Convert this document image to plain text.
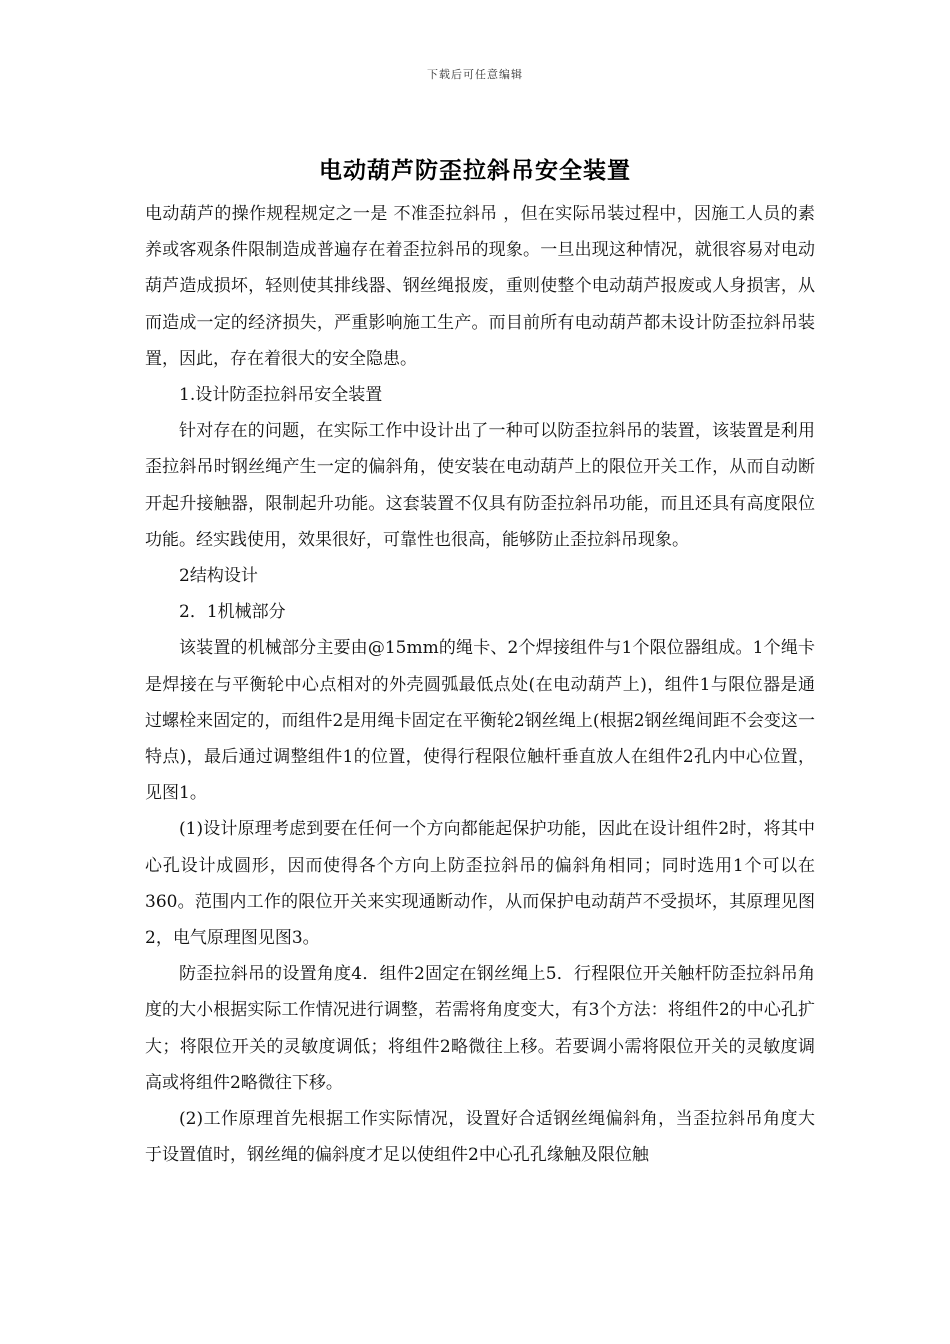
下载后可任意编辑
电动葫芦防歪拉斜吊安全装置

电动葫芦的操作规程规定之一是 不准歪拉斜吊 ，但在实际吊装过程中，因施工人员的素养或客观条件限制造成普遍存在着歪拉斜吊的现象。一旦出现这种情况，就很容易对电动葫芦造成损坏，轻则使其排线器、钢丝绳报废，重则使整个电动葫芦报废或人身损害，从而造成一定的经济损失，严重影响施工生产。而目前所有电动葫芦都未设计防歪拉斜吊装置，因此，存在着很大的安全隐患。

1.设计防歪拉斜吊安全装置

针对存在的问题，在实际工作中设计出了一种可以防歪拉斜吊的装置，该装置是利用歪拉斜吊时钢丝绳产生一定的偏斜角，使安装在电动葫芦上的限位开关工作，从而自动断开起升接触器，限制起升功能。这套装置不仅具有防歪拉斜吊功能，而且还具有高度限位功能。经实践使用，效果很好，可靠性也很高，能够防止歪拉斜吊现象。

2结构设计

2．1机械部分

该装置的机械部分主要由@15mm的绳卡、2个焊接组件与1个限位器组成。1个绳卡是焊接在与平衡轮中心点相对的外壳圆弧最低点处(在电动葫芦上)，组件1与限位器是通过螺栓来固定的，而组件2是用绳卡固定在平衡轮2钢丝绳上(根据2钢丝绳间距不会变这一特点)，最后通过调整组件1的位置，使得行程限位触杆垂直放人在组件2孔内中心位置，见图1。

(1)设计原理考虑到要在任何一个方向都能起保护功能，因此在设计组件2时，将其中心孔设计成圆形，因而使得各个方向上防歪拉斜吊的偏斜角相同；同时选用1个可以在360。范围内工作的限位开关来实现通断动作，从而保护电动葫芦不受损坏，其原理见图2，电气原理图见图3。

防歪拉斜吊的设置角度4．组件2固定在钢丝绳上5．行程限位开关触杆防歪拉斜吊角度的大小根据实际工作情况进行调整，若需将角度变大，有3个方法：将组件2的中心孔扩大；将限位开关的灵敏度调低；将组件2略微往上移。若要调小需将限位开关的灵敏度调高或将组件2略微往下移。

(2)工作原理首先根据工作实际情况，设置好合适钢丝绳偏斜角，当歪拉斜吊角度大于设置值时，钢丝绳的偏斜度才足以使组件2中心孔孔缘触及限位触
